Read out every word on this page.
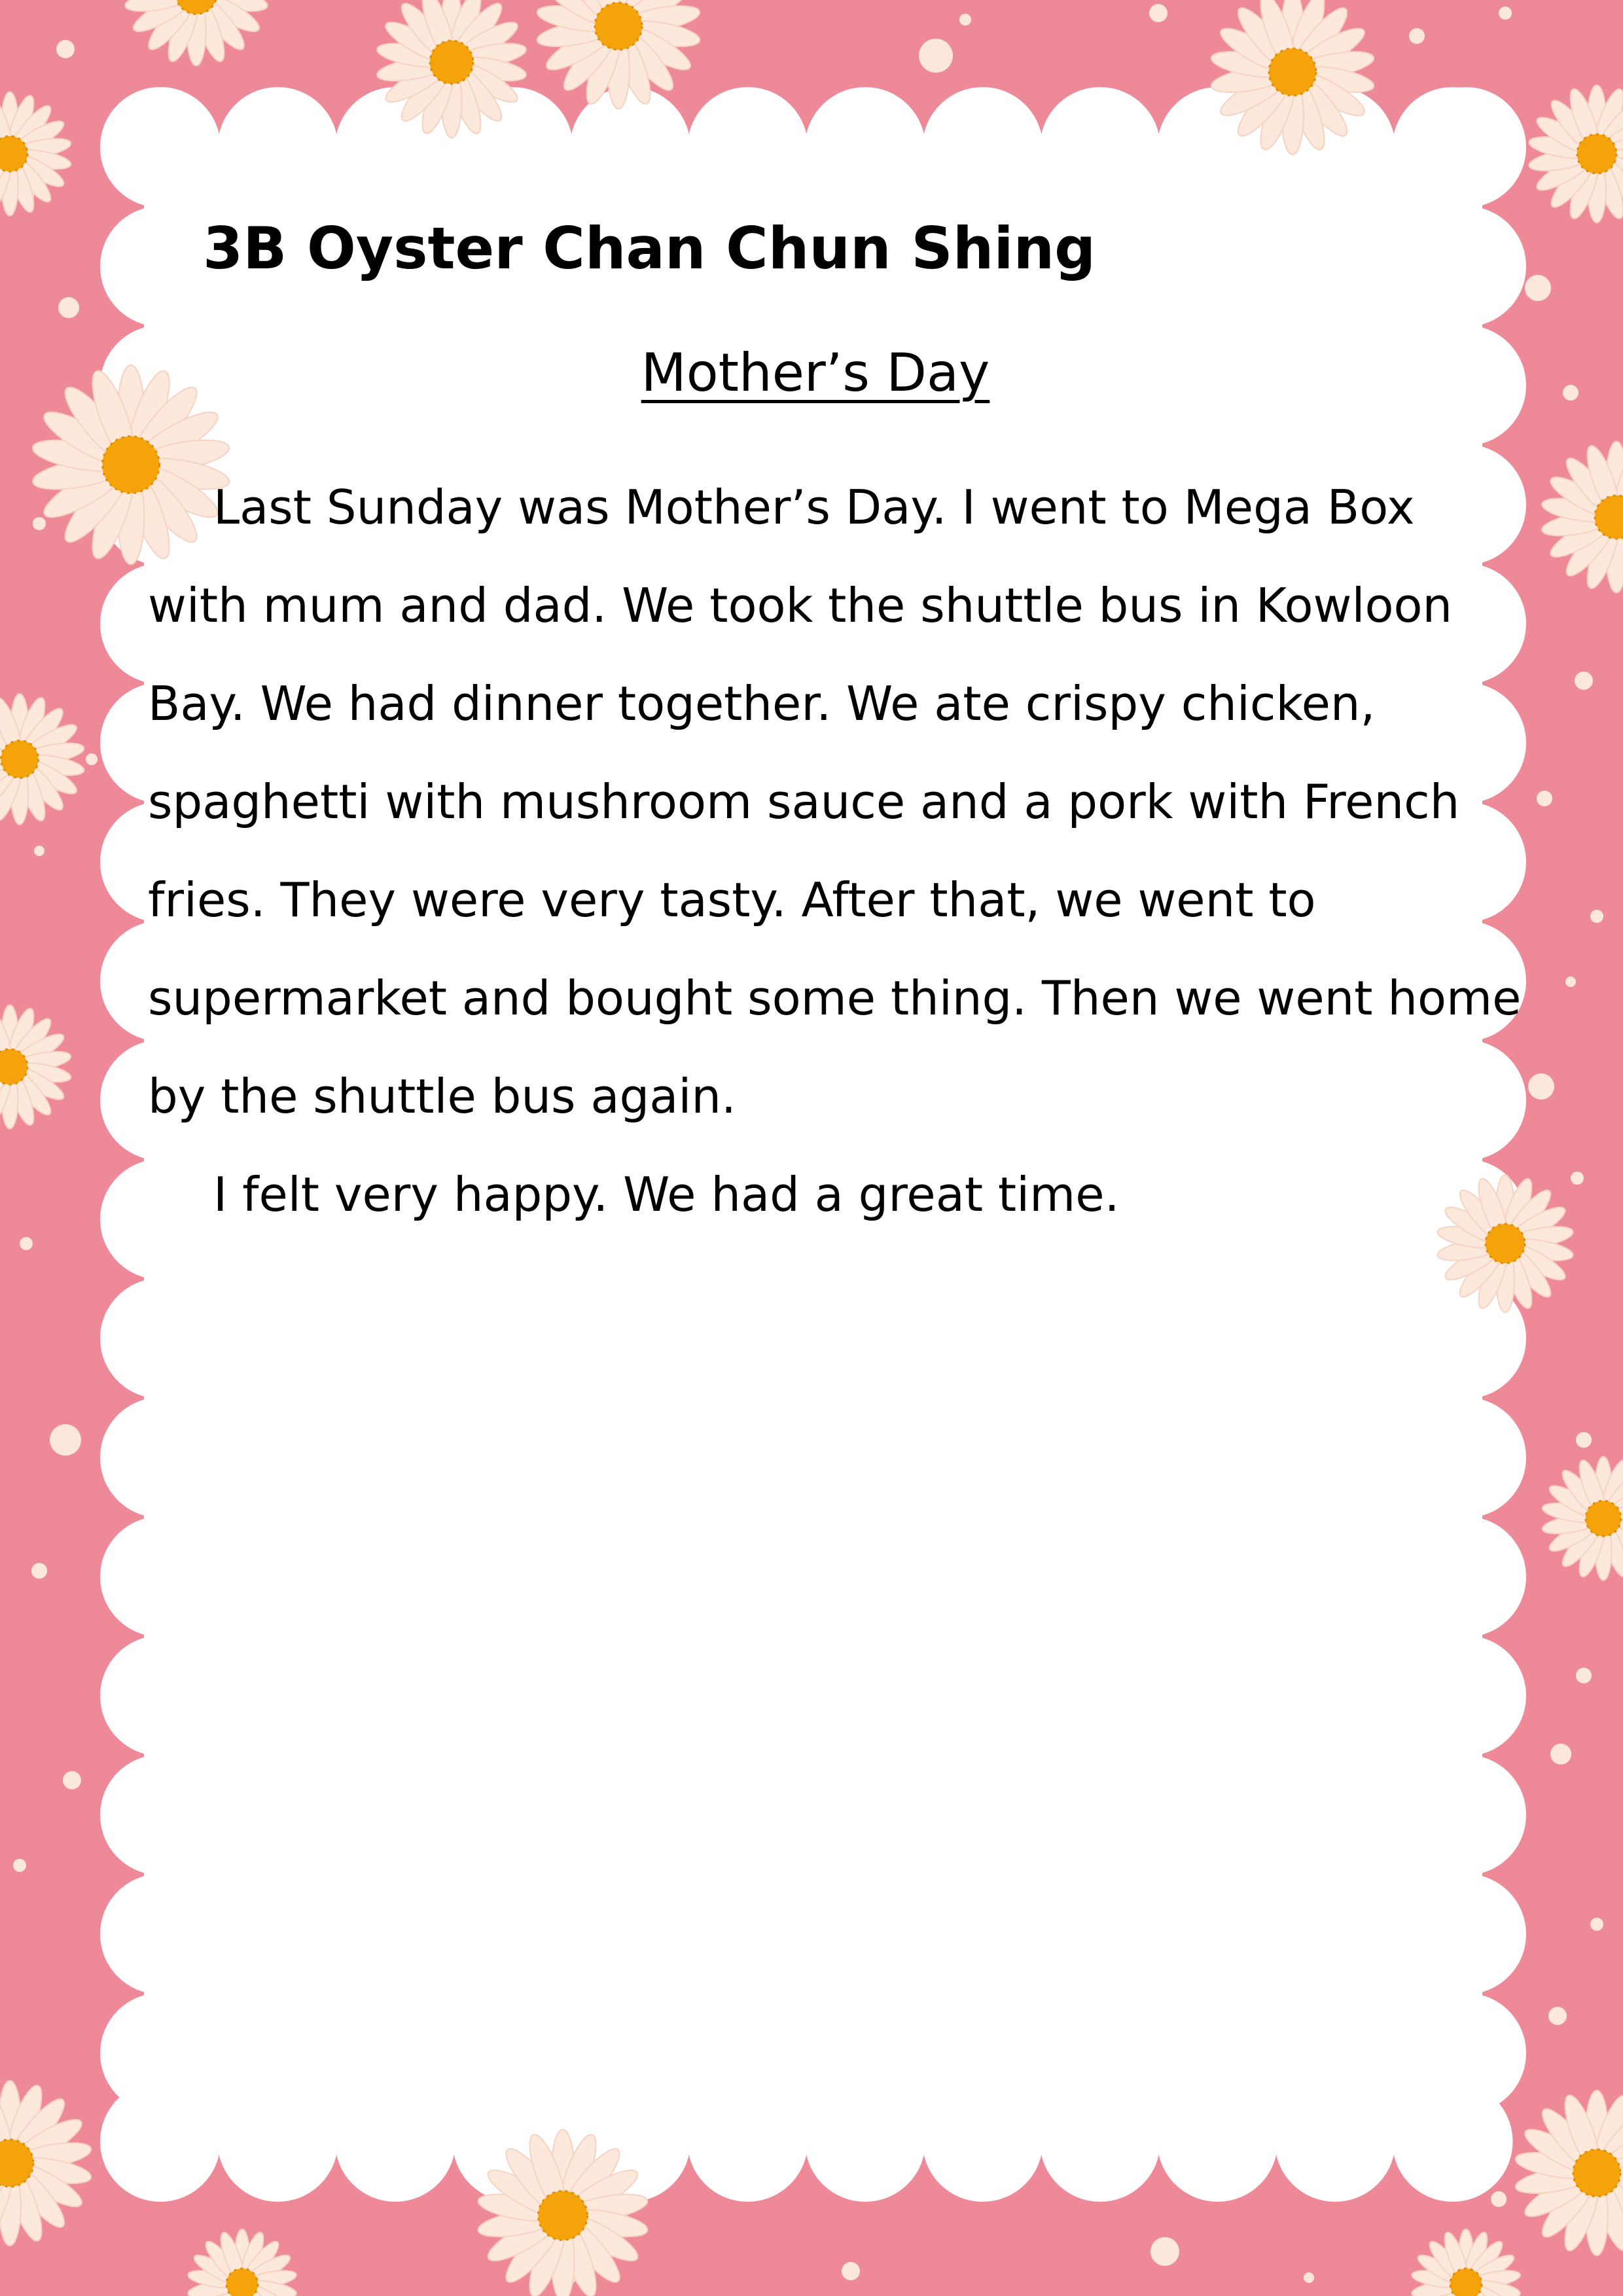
3B Oyster Chan Chun Shing
Mother’s Day
Last Sunday was Mother’s Day. I went to Mega Box
with mum and dad. We took the shuttle bus in Kowloon
Bay. We had dinner together. We ate crispy chicken,
spaghetti with mushroom sauce and a pork with French
fries. They were very tasty. After that, we went to
supermarket and bought some thing. Then we went home
by the shuttle bus again.
I felt very happy. We had a great time.
